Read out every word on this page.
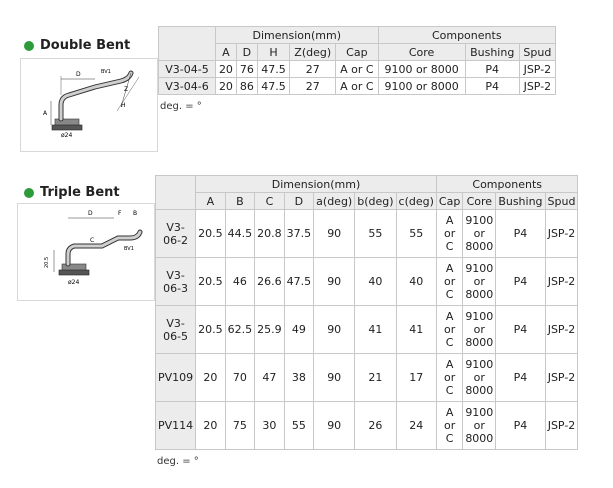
Double Bent
D	BV1
Z
H
A
ø24
	Dimension(mm)					Components		
	A	D	H	Z(deg)	Cap	Core	Bushing	Spud
V3-04-5	20	76	47.5	27	A or C	9100 or 8000	P4	JSP-2
V3-04-6	20	86	47.5	27	A or C	9100 or 8000	P4	JSP-2
deg. = °
Triple Bent
D	F B
BV1
C
20.5
ø24
	Dimension(mm)							Components			
	A	B	C	D	a(deg)	b(deg)	c(deg)	Cap	Core	Bushing	Spud
V3-06-2	20.5	44.5	20.8	37.5	90	55	55	A or C	9100 or 8000	P4	JSP-2
V3-06-3	20.5	46	26.6	47.5	90	40	40	A or C	9100 or 8000	P4	JSP-2
V3-06-5	20.5	62.5	25.9	49	90	41	41	A or C	9100 or 8000	P4	JSP-2
PV109	20	70	47	38	90	21	17	A or C	9100 or 8000	P4	JSP-2
PV114	20	75	30	55	90	26	24	A or C	9100 or 8000	P4	JSP-2
deg. = °
